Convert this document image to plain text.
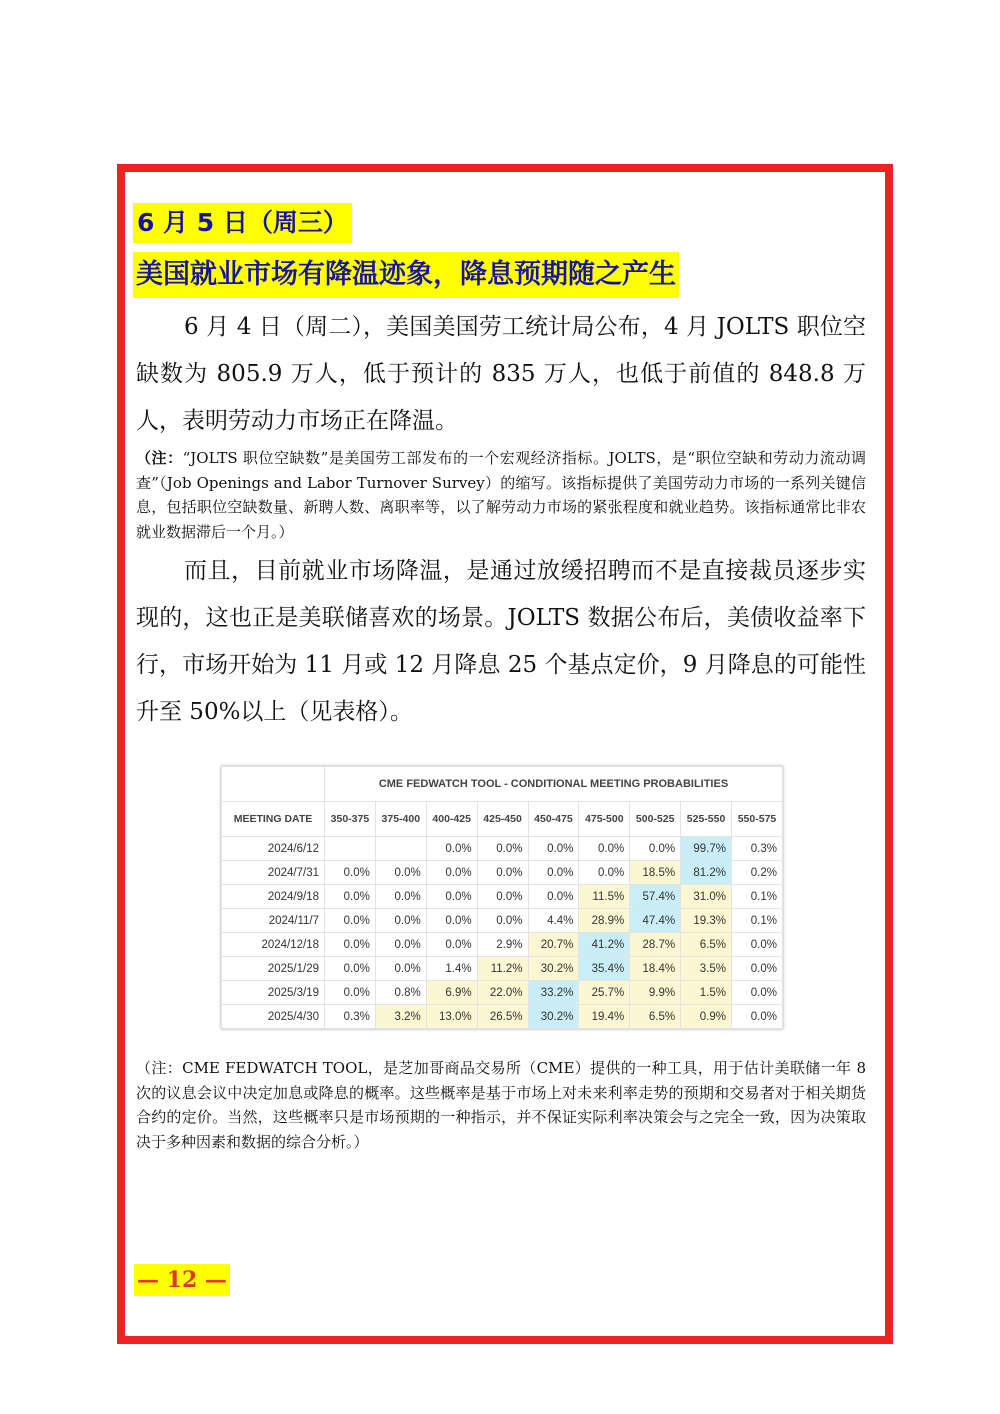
6 月 5 日（周三）
美国就业市场有降温迹象，降息预期随之产生

6 月 4 日（周二），美国美国劳工统计局公布，4 月 JOLTS 职位空缺数为 805.9 万人，低于预计的 835 万人，也低于前值的 848.8 万人，表明劳动力市场正在降温。

（注：“JOLTS 职位空缺数”是美国劳工部发布的一个宏观经济指标。JOLTS，是“职位空缺和劳动力流动调查”（Job Openings and Labor Turnover Survey）的缩写。该指标提供了美国劳动力市场的一系列关键信息，包括职位空缺数量、新聘人数、离职率等，以了解劳动力市场的紧张程度和就业趋势。该指标通常比非农就业数据滞后一个月。）

而且，目前就业市场降温，是通过放缓招聘而不是直接裁员逐步实现的，这也正是美联储喜欢的场景。JOLTS 数据公布后，美债收益率下行，市场开始为 11 月或 12 月降息 25 个基点定价，9 月降息的可能性升至 50%以上（见表格）。

	CME FEDWATCH TOOL - CONDITIONAL MEETING PROBABILITIES								
MEETING DATE	350-375	375-400	400-425	425-450	450-475	475-500	500-525	525-550	550-575
2024/6/12			0.0%	0.0%	0.0%	0.0%	0.0%	99.7%	0.3%
2024/7/31	0.0%	0.0%	0.0%	0.0%	0.0%	0.0%	18.5%	81.2%	0.2%
2024/9/18	0.0%	0.0%	0.0%	0.0%	0.0%	11.5%	57.4%	31.0%	0.1%
2024/11/7	0.0%	0.0%	0.0%	0.0%	4.4%	28.9%	47.4%	19.3%	0.1%
2024/12/18	0.0%	0.0%	0.0%	2.9%	20.7%	41.2%	28.7%	6.5%	0.0%
2025/1/29	0.0%	0.0%	1.4%	11.2%	30.2%	35.4%	18.4%	3.5%	0.0%
2025/3/19	0.0%	0.8%	6.9%	22.0%	33.2%	25.7%	9.9%	1.5%	0.0%
2025/4/30	0.3%	3.2%	13.0%	26.5%	30.2%	19.4%	6.5%	0.9%	0.0%

（注：CME FEDWATCH TOOL，是芝加哥商品交易所（CME）提供的一种工具，用于估计美联储一年 8 次的议息会议中决定加息或降息的概率。这些概率是基于市场上对未来利率走势的预期和交易者对于相关期货合约的定价。当然，这些概率只是市场预期的一种指示，并不保证实际利率决策会与之完全一致，因为决策取决于多种因素和数据的综合分析。）

— 12 —
